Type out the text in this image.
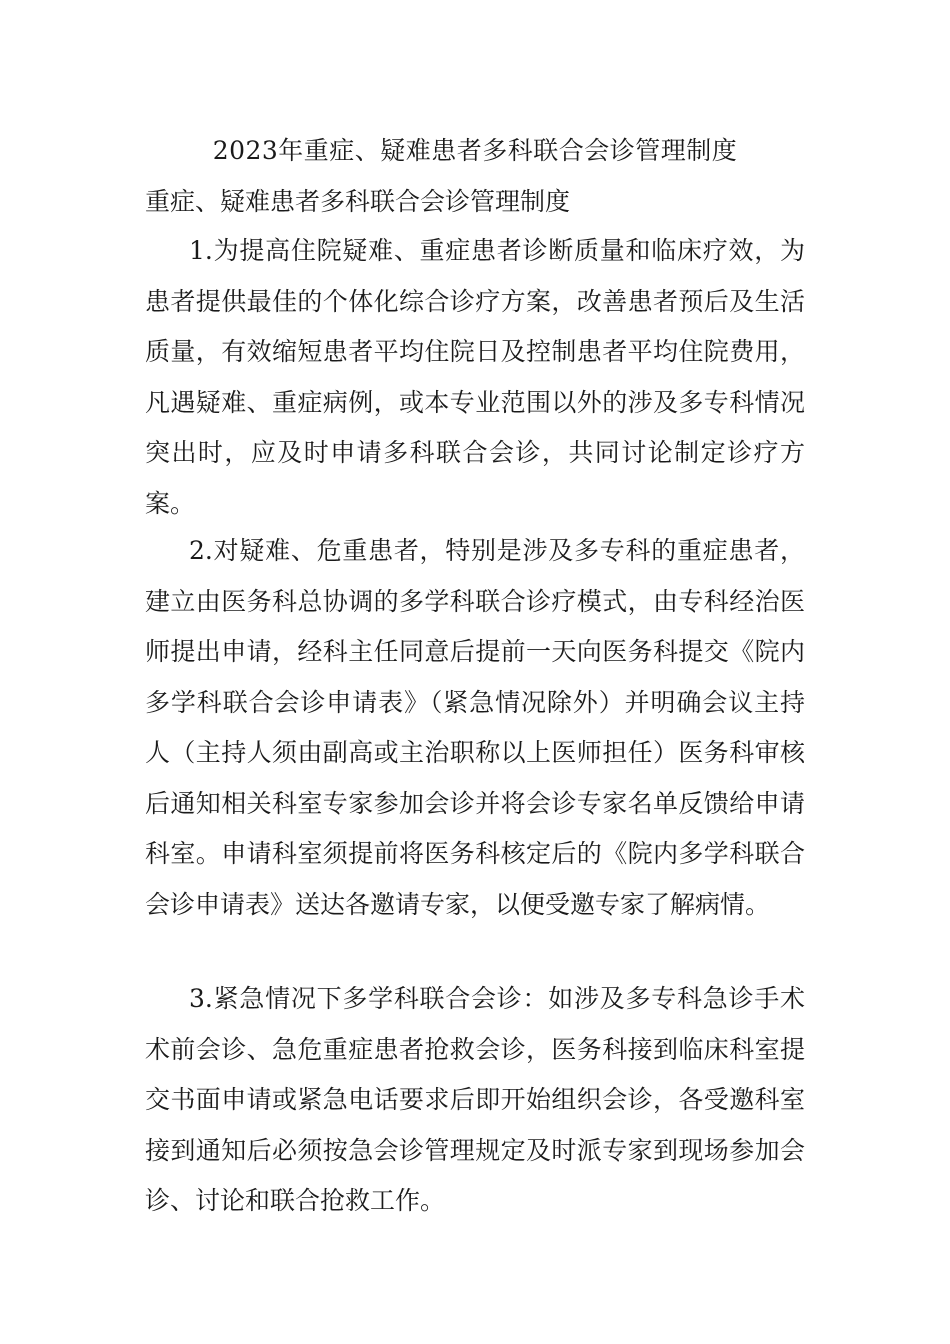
2023年重症、疑难患者多科联合会诊管理制度
重症、疑难患者多科联合会诊管理制度

1.为提高住院疑难、重症患者诊断质量和临床疗效，为患者提供最佳的个体化综合诊疗方案，改善患者预后及生活质量，有效缩短患者平均住院日及控制患者平均住院费用，凡遇疑难、重症病例，或本专业范围以外的涉及多专科情况突出时，应及时申请多科联合会诊，共同讨论制定诊疗方案。

2.对疑难、危重患者，特别是涉及多专科的重症患者，建立由医务科总协调的多学科联合诊疗模式，由专科经治医师提出申请，经科主任同意后提前一天向医务科提交《院内多学科联合会诊申请表》（紧急情况除外）并明确会议主持人（主持人须由副高或主治职称以上医师担任）医务科审核后通知相关科室专家参加会诊并将会诊专家名单反馈给申请科室。申请科室须提前将医务科核定后的《院内多学科联合会诊申请表》送达各邀请专家，以便受邀专家了解病情。

3.紧急情况下多学科联合会诊：如涉及多专科急诊手术术前会诊、急危重症患者抢救会诊，医务科接到临床科室提交书面申请或紧急电话要求后即开始组织会诊，各受邀科室接到通知后必须按急会诊管理规定及时派专家到现场参加会诊、讨论和联合抢救工作。
